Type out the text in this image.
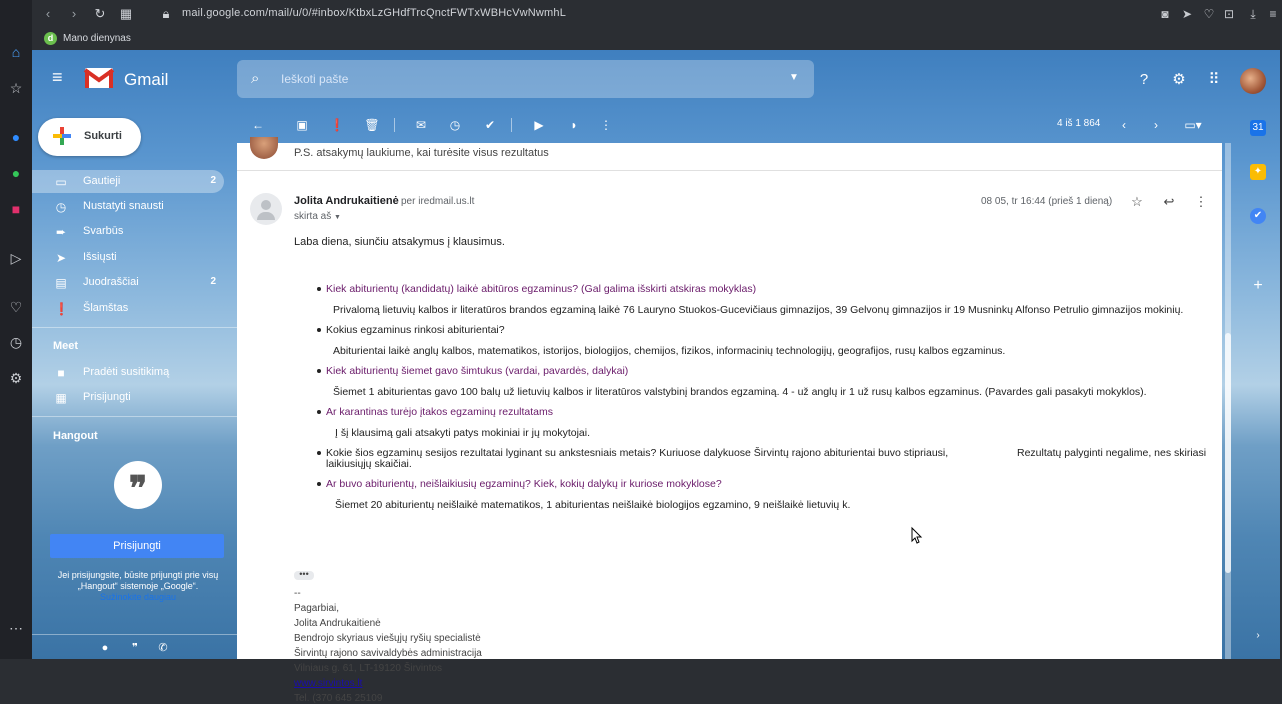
⌂
☆
●
●
■
▷
♡
◷
⚙
⋯
‹	›	↻	▦	🔒︎	mail.google.com/mail/u/0/#inbox/KtbxLzGHdfTrcQnctFWTxWBHcVwNwmhL	◙	➤ ♡ ⊡	⤓	≡
d Mano dienynas
≡	Gmail	⌕
Ieškoti pašte	▼	?	⚙	⠿
Sukurti
▭ Gautieji	2
◷ Nustatyti snausti
➨ Svarbūs
➤ Išsiųsti
▤ Juodraščiai	2
❗ Šlamštas
Meet
■	Pradėti susitikimą
▦ Prisijungti
Hangout
❞
Prisijungti
Jei prisijungsite, būsite prijungti prie visų „Hangout“ sistemoje „Google“.
Sužinokite daugiau
●	❞	✆
←	▣ ❗ 🗑︎	✉	◷	✔	▶	◗	⋮	4 iš 1 864	‹	›	▭▾	31
✦
✔
+
›
P.S. atsakymų laukiume, kai turėsite visus rezultatus
Jolita Andrukaitienė per iredmail.us.lt
skirta aš ▼
08 05, tr 16:44 (prieš 1 dieną) ☆ ↩ ⋮
Laba diena, siunčiu atsakymus į klausimus.
Kiek abiturientų (kandidatų) laikė abitūros egzaminus? (Gal galima išskirti atskiras mokyklas)
Privalomą lietuvių kalbos ir literatūros brandos egzaminą laikė 76 Lauryno Stuokos-Gucevičiaus gimnazijos, 39 Gelvonų gimnazijos ir 19 Musninkų Alfonso Petrulio gimnazijos mokinių.
Kokius egzaminus rinkosi abiturientai?
Abiturientai laikė anglų kalbos, matematikos, istorijos, biologijos, chemijos, fizikos, informacinių technologijų, geografijos, rusų kalbos egzaminus.
Kiek abiturientų šiemet gavo šimtukus (vardai, pavardės, dalykai)
Šiemet 1 abiturientas gavo 100 balų už lietuvių kalbos ir literatūros valstybinį brandos egzaminą. 4 - už anglų ir 1 už rusų kalbos egzaminus. (Pavardes gali pasakyti mokyklos).
Ar karantinas turėjo įtakos egzaminų rezultatams
Į šį klausimą gali atsakyti patys mokiniai ir jų mokytojai.
Kokie šios egzaminų sesijos rezultatai lyginant su ankstesniais metais? Kuriuose dalykuose Širvintų rajono abiturientai buvo stipriausi,	Rezultatų palyginti negalime, nes skiriasi
laikiusiųjų skaičiai.
Ar buvo abiturientų, neišlaikiusių egzaminų? Kiek, kokių dalykų ir kuriose mokyklose?
Šiemet 20 abiturientų neišlaikė matematikos, 1 abiturientas neišlaikė biologijos egzamino, 9 neišlaikė lietuvių k.
•••
--
Pagarbiai,
Jolita Andrukaitienė
Bendrojo skyriaus viešųjų ryšių specialistė
Širvintų rajono savivaldybės administracija
Vilniaus g. 61, LT-19120 Širvintos
www.sirvintos.lt
Tel. (370 645 25109
